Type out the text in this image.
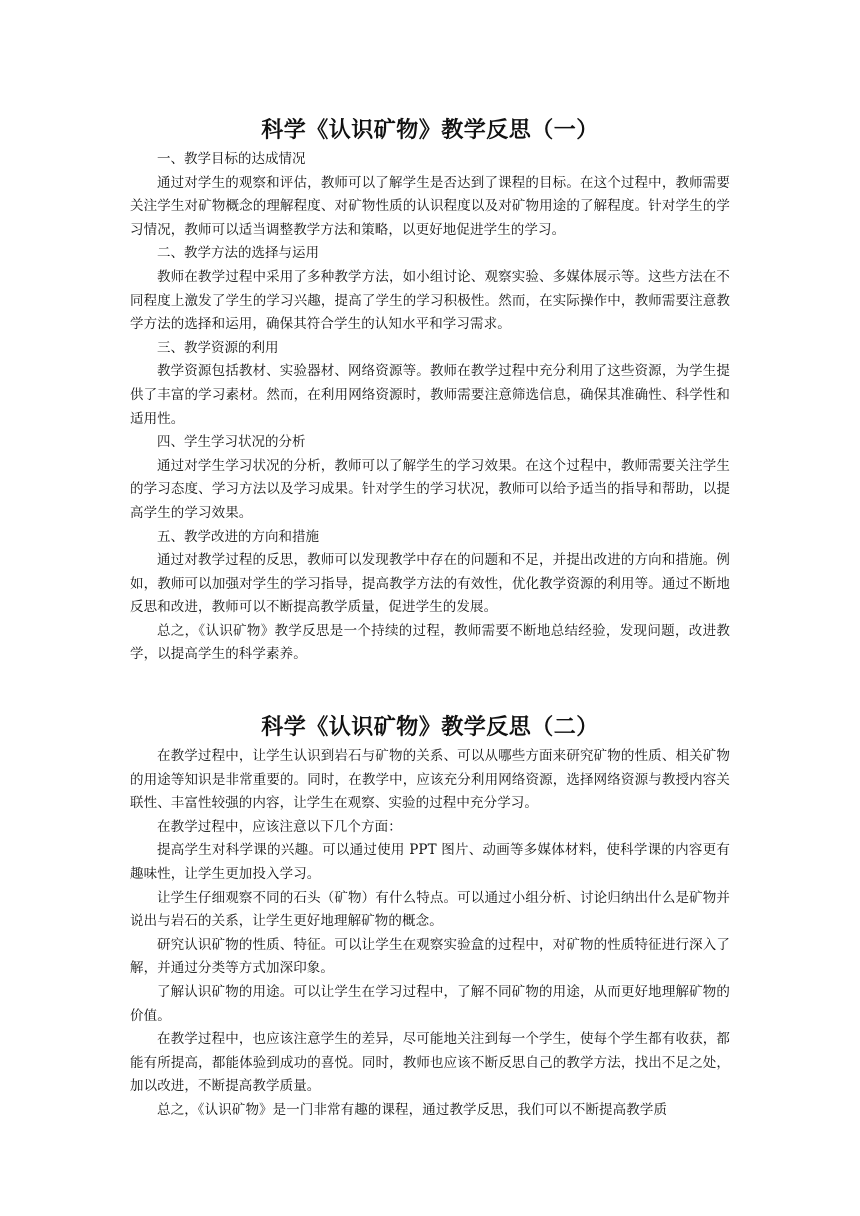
科学《认识矿物》教学反思（一）

一、教学目标的达成情况

通过对学生的观察和评估，教师可以了解学生是否达到了课程的目标。在这个过程中，教师需要关注学生对矿物概念的理解程度、对矿物性质的认识程度以及对矿物用途的了解程度。针对学生的学习情况，教师可以适当调整教学方法和策略，以更好地促进学生的学习。

二、教学方法的选择与运用

教师在教学过程中采用了多种教学方法，如小组讨论、观察实验、多媒体展示等。这些方法在不同程度上激发了学生的学习兴趣，提高了学生的学习积极性。然而，在实际操作中，教师需要注意教学方法的选择和运用，确保其符合学生的认知水平和学习需求。

三、教学资源的利用

教学资源包括教材、实验器材、网络资源等。教师在教学过程中充分利用了这些资源，为学生提供了丰富的学习素材。然而，在利用网络资源时，教师需要注意筛选信息，确保其准确性、科学性和适用性。

四、学生学习状况的分析

通过对学生学习状况的分析，教师可以了解学生的学习效果。在这个过程中，教师需要关注学生的学习态度、学习方法以及学习成果。针对学生的学习状况，教师可以给予适当的指导和帮助，以提高学生的学习效果。

五、教学改进的方向和措施

通过对教学过程的反思，教师可以发现教学中存在的问题和不足，并提出改进的方向和措施。例如，教师可以加强对学生的学习指导，提高教学方法的有效性，优化教学资源的利用等。通过不断地反思和改进，教师可以不断提高教学质量，促进学生的发展。

总之，《认识矿物》教学反思是一个持续的过程，教师需要不断地总结经验，发现问题，改进教学，以提高学生的科学素养。

科学《认识矿物》教学反思（二）

在教学过程中，让学生认识到岩石与矿物的关系、可以从哪些方面来研究矿物的性质、相关矿物的用途等知识是非常重要的。同时，在教学中，应该充分利用网络资源，选择网络资源与教授内容关联性、丰富性较强的内容，让学生在观察、实验的过程中充分学习。

在教学过程中，应该注意以下几个方面：

提高学生对科学课的兴趣。可以通过使用 PPT 图片、动画等多媒体材料，使科学课的内容更有趣味性，让学生更加投入学习。

让学生仔细观察不同的石头（矿物）有什么特点。可以通过小组分析、讨论归纳出什么是矿物并说出与岩石的关系，让学生更好地理解矿物的概念。

研究认识矿物的性质、特征。可以让学生在观察实验盒的过程中，对矿物的性质特征进行深入了解，并通过分类等方式加深印象。

了解认识矿物的用途。可以让学生在学习过程中，了解不同矿物的用途，从而更好地理解矿物的价值。

在教学过程中，也应该注意学生的差异，尽可能地关注到每一个学生，使每个学生都有收获，都能有所提高，都能体验到成功的喜悦。同时，教师也应该不断反思自己的教学方法，找出不足之处，加以改进，不断提高教学质量。

总之，《认识矿物》是一门非常有趣的课程，通过教学反思，我们可以不断提高教学质
